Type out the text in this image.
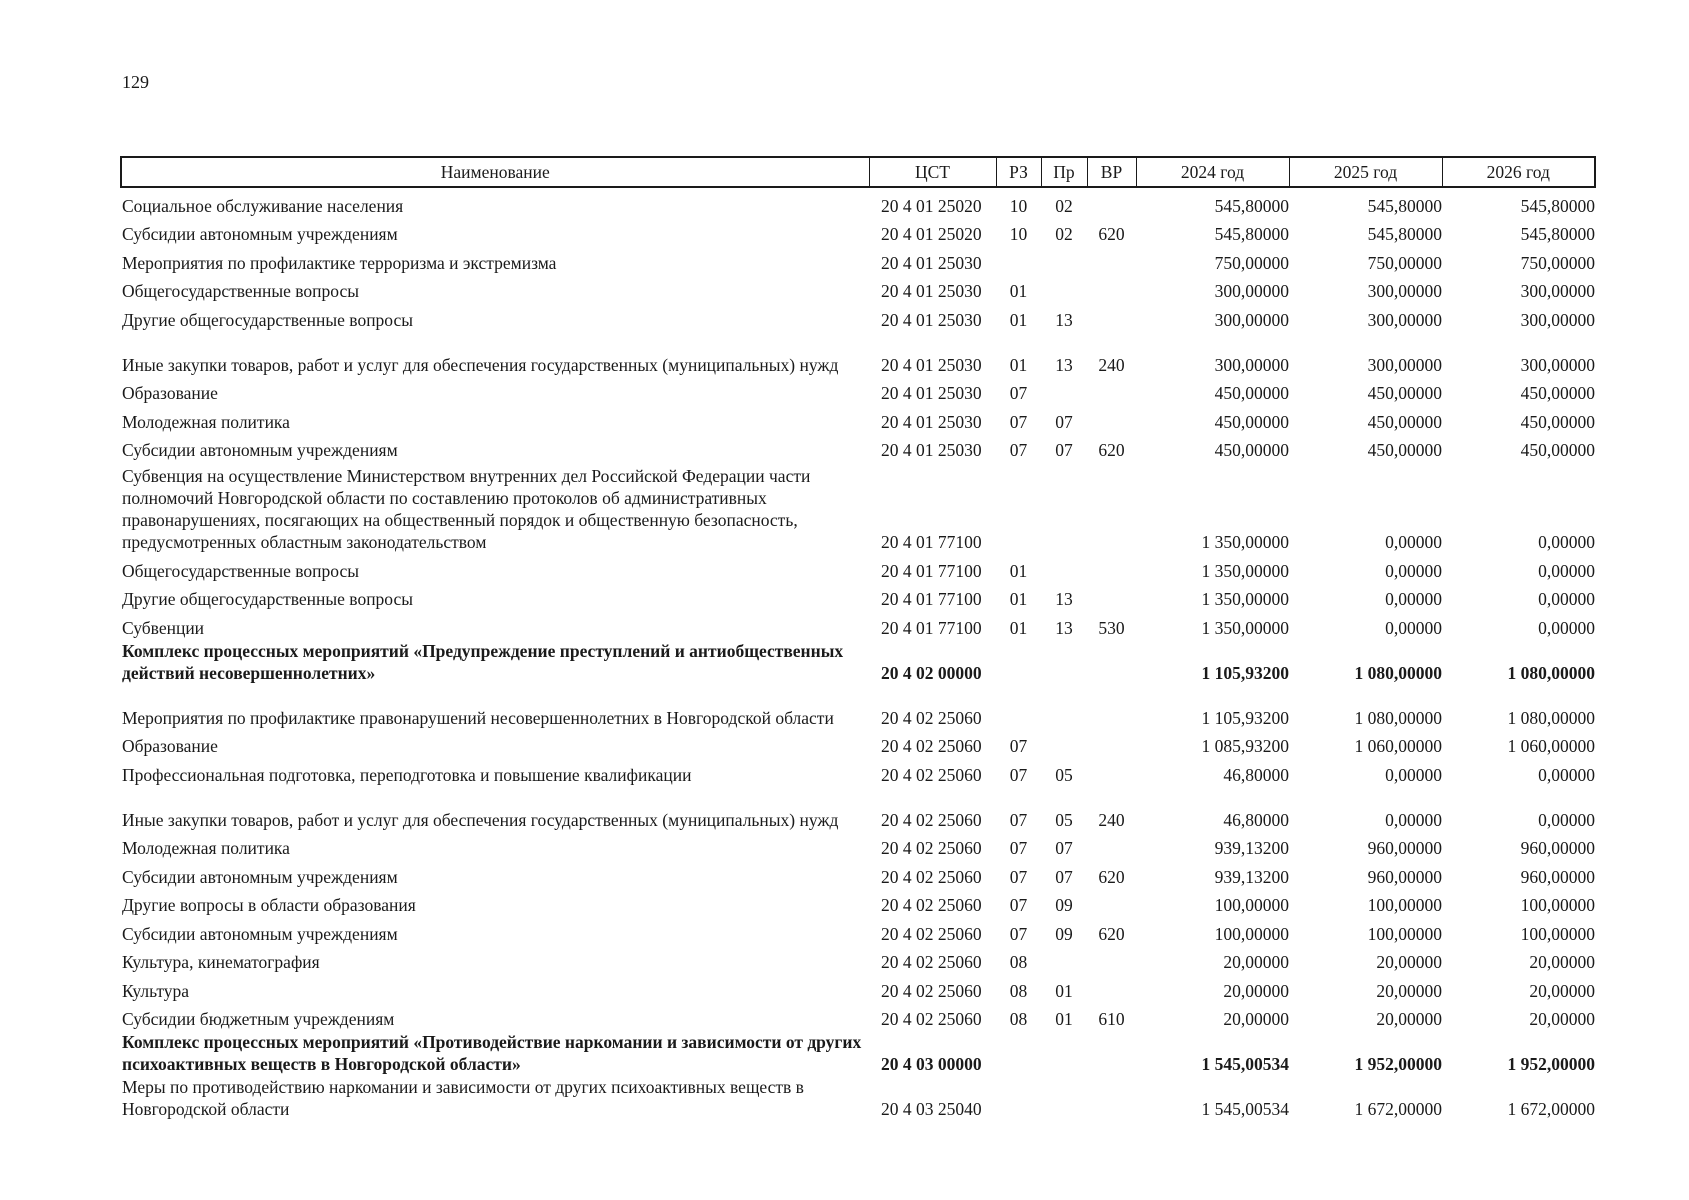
129
Наименование	ЦСТ	РЗ	Пр	ВР	2024 год	2025 год	2026 год
Социальное обслуживание населения	20 4 01 25020	10	02		545,80000	545,80000	545,80000
Субсидии автономным учреждениям	20 4 01 25020	10	02	620	545,80000	545,80000	545,80000
Мероприятия по профилактике терроризма и экстремизма	20 4 01 25030				750,00000	750,00000	750,00000
Общегосударственные вопросы	20 4 01 25030	01			300,00000	300,00000	300,00000
Другие общегосударственные вопросы	20 4 01 25030	01	13		300,00000	300,00000	300,00000
Иные закупки товаров, работ и услуг для обеспечения государственных (муниципальных) нужд	20 4 01 25030	01	13	240	300,00000	300,00000	300,00000
Образование	20 4 01 25030	07			450,00000	450,00000	450,00000
Молодежная политика	20 4 01 25030	07	07		450,00000	450,00000	450,00000
Субсидии автономным учреждениям	20 4 01 25030	07	07	620	450,00000	450,00000	450,00000
Субвенция на осуществление Министерством внутренних дел Российской Федерации части полномочий Новгородской области по составлению протоколов об административных правонарушениях, посягающих на общественный порядок и общественную безопасность, предусмотренных областным законодательством	20 4 01 77100				1 350,00000	0,00000	0,00000
Общегосударственные вопросы	20 4 01 77100	01			1 350,00000	0,00000	0,00000
Другие общегосударственные вопросы	20 4 01 77100	01	13		1 350,00000	0,00000	0,00000
Субвенции	20 4 01 77100	01	13	530	1 350,00000	0,00000	0,00000
Комплекс процессных мероприятий «Предупреждение преступлений и антиобщественных действий несовершеннолетних»	20 4 02 00000				1 105,93200	1 080,00000	1 080,00000
Мероприятия по профилактике правонарушений несовершеннолетних в Новгородской области	20 4 02 25060				1 105,93200	1 080,00000	1 080,00000
Образование	20 4 02 25060	07			1 085,93200	1 060,00000	1 060,00000
Профессиональная подготовка, переподготовка и повышение квалификации	20 4 02 25060	07	05		46,80000	0,00000	0,00000
Иные закупки товаров, работ и услуг для обеспечения государственных (муниципальных) нужд	20 4 02 25060	07	05	240	46,80000	0,00000	0,00000
Молодежная политика	20 4 02 25060	07	07		939,13200	960,00000	960,00000
Субсидии автономным учреждениям	20 4 02 25060	07	07	620	939,13200	960,00000	960,00000
Другие вопросы в области образования	20 4 02 25060	07	09		100,00000	100,00000	100,00000
Субсидии автономным учреждениям	20 4 02 25060	07	09	620	100,00000	100,00000	100,00000
Культура, кинематография	20 4 02 25060	08			20,00000	20,00000	20,00000
Культура	20 4 02 25060	08	01		20,00000	20,00000	20,00000
Субсидии бюджетным учреждениям	20 4 02 25060	08	01	610	20,00000	20,00000	20,00000
Комплекс процессных мероприятий «Противодействие наркомании и зависимости от других психоактивных веществ в Новгородской области»	20 4 03 00000				1 545,00534	1 952,00000	1 952,00000
Меры по противодействию наркомании и зависимости от других психоактивных веществ в Новгородской области	20 4 03 25040				1 545,00534	1 672,00000	1 672,00000
